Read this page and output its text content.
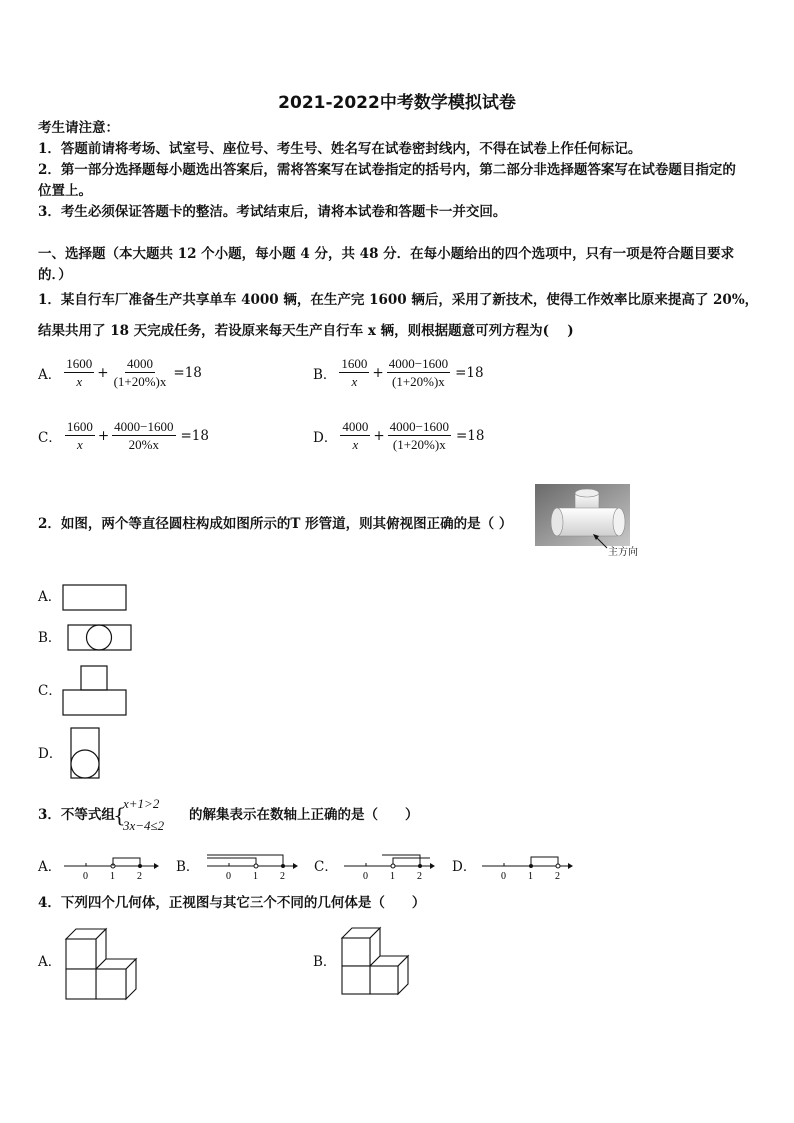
2021-2022中考数学模拟试卷
考生请注意：
1．答题前请将考场、试室号、座位号、考生号、姓名写在试卷密封线内，不得在试卷上作任何标记。
2．第一部分选择题每小题选出答案后，需将答案写在试卷指定的括号内，第二部分非选择题答案写在试卷题目指定的
位置上。
3．考生必须保证答题卡的整洁。考试结束后，请将本试卷和答题卡一并交回。
一、选择题（本大题共 12 个小题，每小题 4 分，共 48 分．在每小题给出的四个选项中，只有一项是符合题目要求
的．）
1．某自行车厂准备生产共享单车 4000 辆，在生产完 1600 辆后，采用了新技术，使得工作效率比原来提高了 20%，
结果共用了 18 天完成任务，若设原来每天生产自行车 x 辆，则根据题意可列方程为(　 )
A． $\frac{1600}{x} + \frac{4000}{(1+20\%)x} =18$	B． $\frac{1600}{x} + \frac{4000-1600}{(1+20\%)x} =18$
C． $\frac{1600}{x} + \frac{4000-1600}{20\%x} =18$	D． $\frac{4000}{x} + \frac{4000-1600}{(1+20\%)x} =18$
2．如图，两个等直径圆柱构成如图所示的T 形管道，则其俯视图正确的是（ ）
主方向
A．
B．
C．
D．
3．不等式组
{
x+1>2
3x−4≤2
的解集表示在数轴上正确的是（　　）
A．
0 1 2
B．
0 1 2
C．
0 1 2
D．
0 1 2
4．下列四个几何体，正视图与其它三个不同的几何体是（　　）
A．	B．
